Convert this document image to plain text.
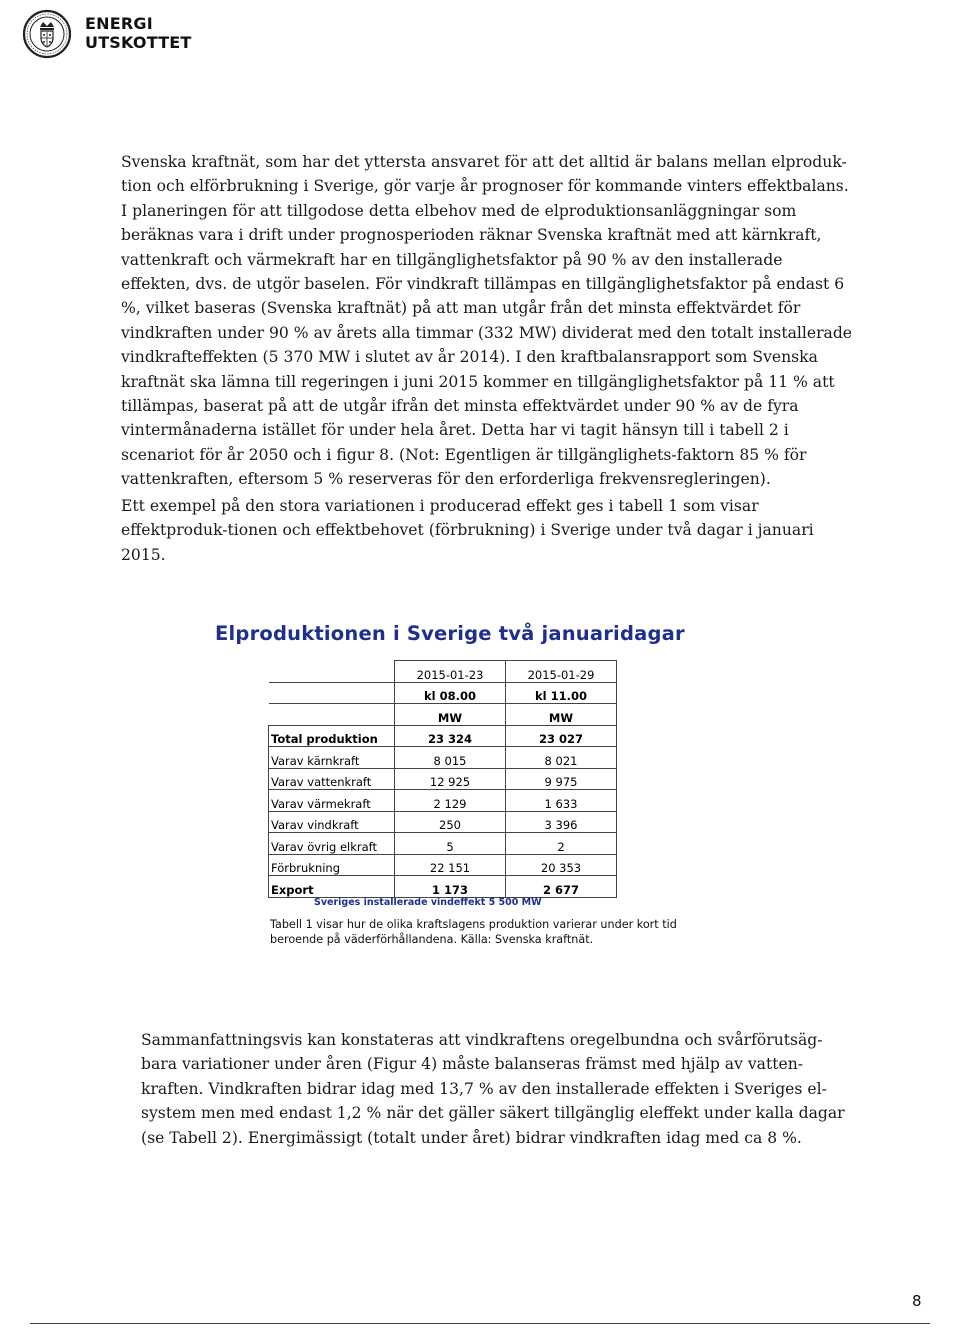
ENERGI
UTSKOTTET

Svenska kraftnät, som har det yttersta ansvaret för att det alltid är balans mellan elproduk-tion och elförbrukning i Sverige, gör varje år prognoser för kommande vinters effektbalans. I planeringen för att tillgodose detta elbehov med de elproduktionsanläggningar som beräknas vara i drift under prognosperioden räknar Svenska kraftnät med att kärnkraft, vattenkraft och värmekraft har en tillgänglighetsfaktor på 90 % av den installerade effekten, dvs. de utgör baselen. För vindkraft tillämpas en tillgänglighetsfaktor på endast 6 %, vilket baseras (Svenska kraftnät) på att man utgår från det minsta effektvärdet för vindkraften under 90 % av årets alla timmar (332 MW) dividerat med den totalt installerade vindkrafteffekten (5 370 MW i slutet av år 2014). I den kraftbalansrapport som Svenska kraftnät ska lämna till regeringen i juni 2015 kommer en tillgänglighetsfaktor på 11 % att tillämpas, baserat på att de utgår ifrån det minsta effektvärdet under 90 % av de fyra vintermånaderna istället för under hela året. Detta har vi tagit hänsyn till i tabell 2 i scenariot för år 2050 och i figur 8. (Not: Egentligen är tillgänglighets-faktorn 85 % för vattenkraften, eftersom 5 % reserveras för den erforderliga frekvensregleringen).

Ett exempel på den stora variationen i producerad effekt ges i tabell 1 som visar effektproduk-tionen och effektbehovet (förbrukning) i Sverige under två dagar i januari 2015.

Elproduktionen i Sverige två januaridagar
	2015-01-23	2015-01-29
	kl 08.00	kl 11.00
	MW	MW
Total produktion	23 324	23 027
Varav kärnkraft	8 015	8 021
Varav vattenkraft	12 925	9 975
Varav värmekraft	2 129	1 633
Varav vindkraft	250	3 396
Varav övrig elkraft	5	2
Förbrukning	22 151	20 353
Export	1 173	2 677
Sveriges installerade vindeffekt 5 500 MW

Tabell 1 visar hur de olika kraftslagens produktion varierar under kort tid beroende på väderförhållandena. Källa: Svenska kraftnät.

Sammanfattningsvis kan konstateras att vindkraftens oregelbundna och svårförutsäg-bara variationer under åren (Figur 4) måste balanseras främst med hjälp av vatten-kraften. Vindkraften bidrar idag med 13,7 % av den installerade effekten i Sveriges el-system men med endast 1,2 % när det gäller säkert tillgänglig eleffekt under kalla dagar (se Tabell 2). Energimässigt (totalt under året) bidrar vindkraften idag med ca 8 %.

8
